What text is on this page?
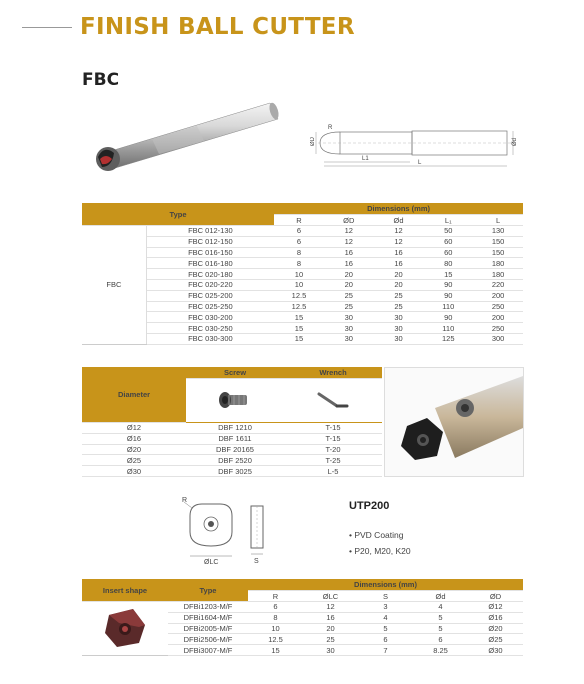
FINISH BALL CUTTER
FBC
R
ØD	Ød
L1
L
Type		Dimensions (mm)				
		R	ØD	Ød	L₁	L
FBC	FBC 012-130	6	12	12	50	130
	FBC 012-150	6	12	12	60	150
	FBC 016-150	8	16	16	60	150
	FBC 016-180	8	16	16	80	180
	FBC 020-180	10	20	20	15	180
	FBC 020-220	10	20	20	90	220
	FBC 025-200	12.5	25	25	90	200
	FBC 025-250	12.5	25	25	110	250
	FBC 030-200	15	30	30	90	200
	FBC 030-250	15	30	30	110	250
	FBC 030-300	15	30	30	125	300
Diameter	Screw	Wrench

Ø12	DBF 1210	T-15
Ø16	DBF 1611	T-15
Ø20	DBF 20165	T-20
Ø25	DBF 2520	T-25
Ø30	DBF 3025	L-5
R
ØLC	S
UTP200
• PVD Coating
• P20, M20, K20
Insert shape	Type	Dimensions (mm)				
		R	ØLC	S	Ød	ØD
	DFBi1203-M/F	6	12	3	4	Ø12
	DFBi1604-M/F	8	16	4	5	Ø16
	DFBi2005-M/F	10	20	5	5	Ø20
	DFBi2506-M/F	12.5	25	6	6	Ø25
	DFBi3007-M/F	15	30	7	8.25	Ø30
